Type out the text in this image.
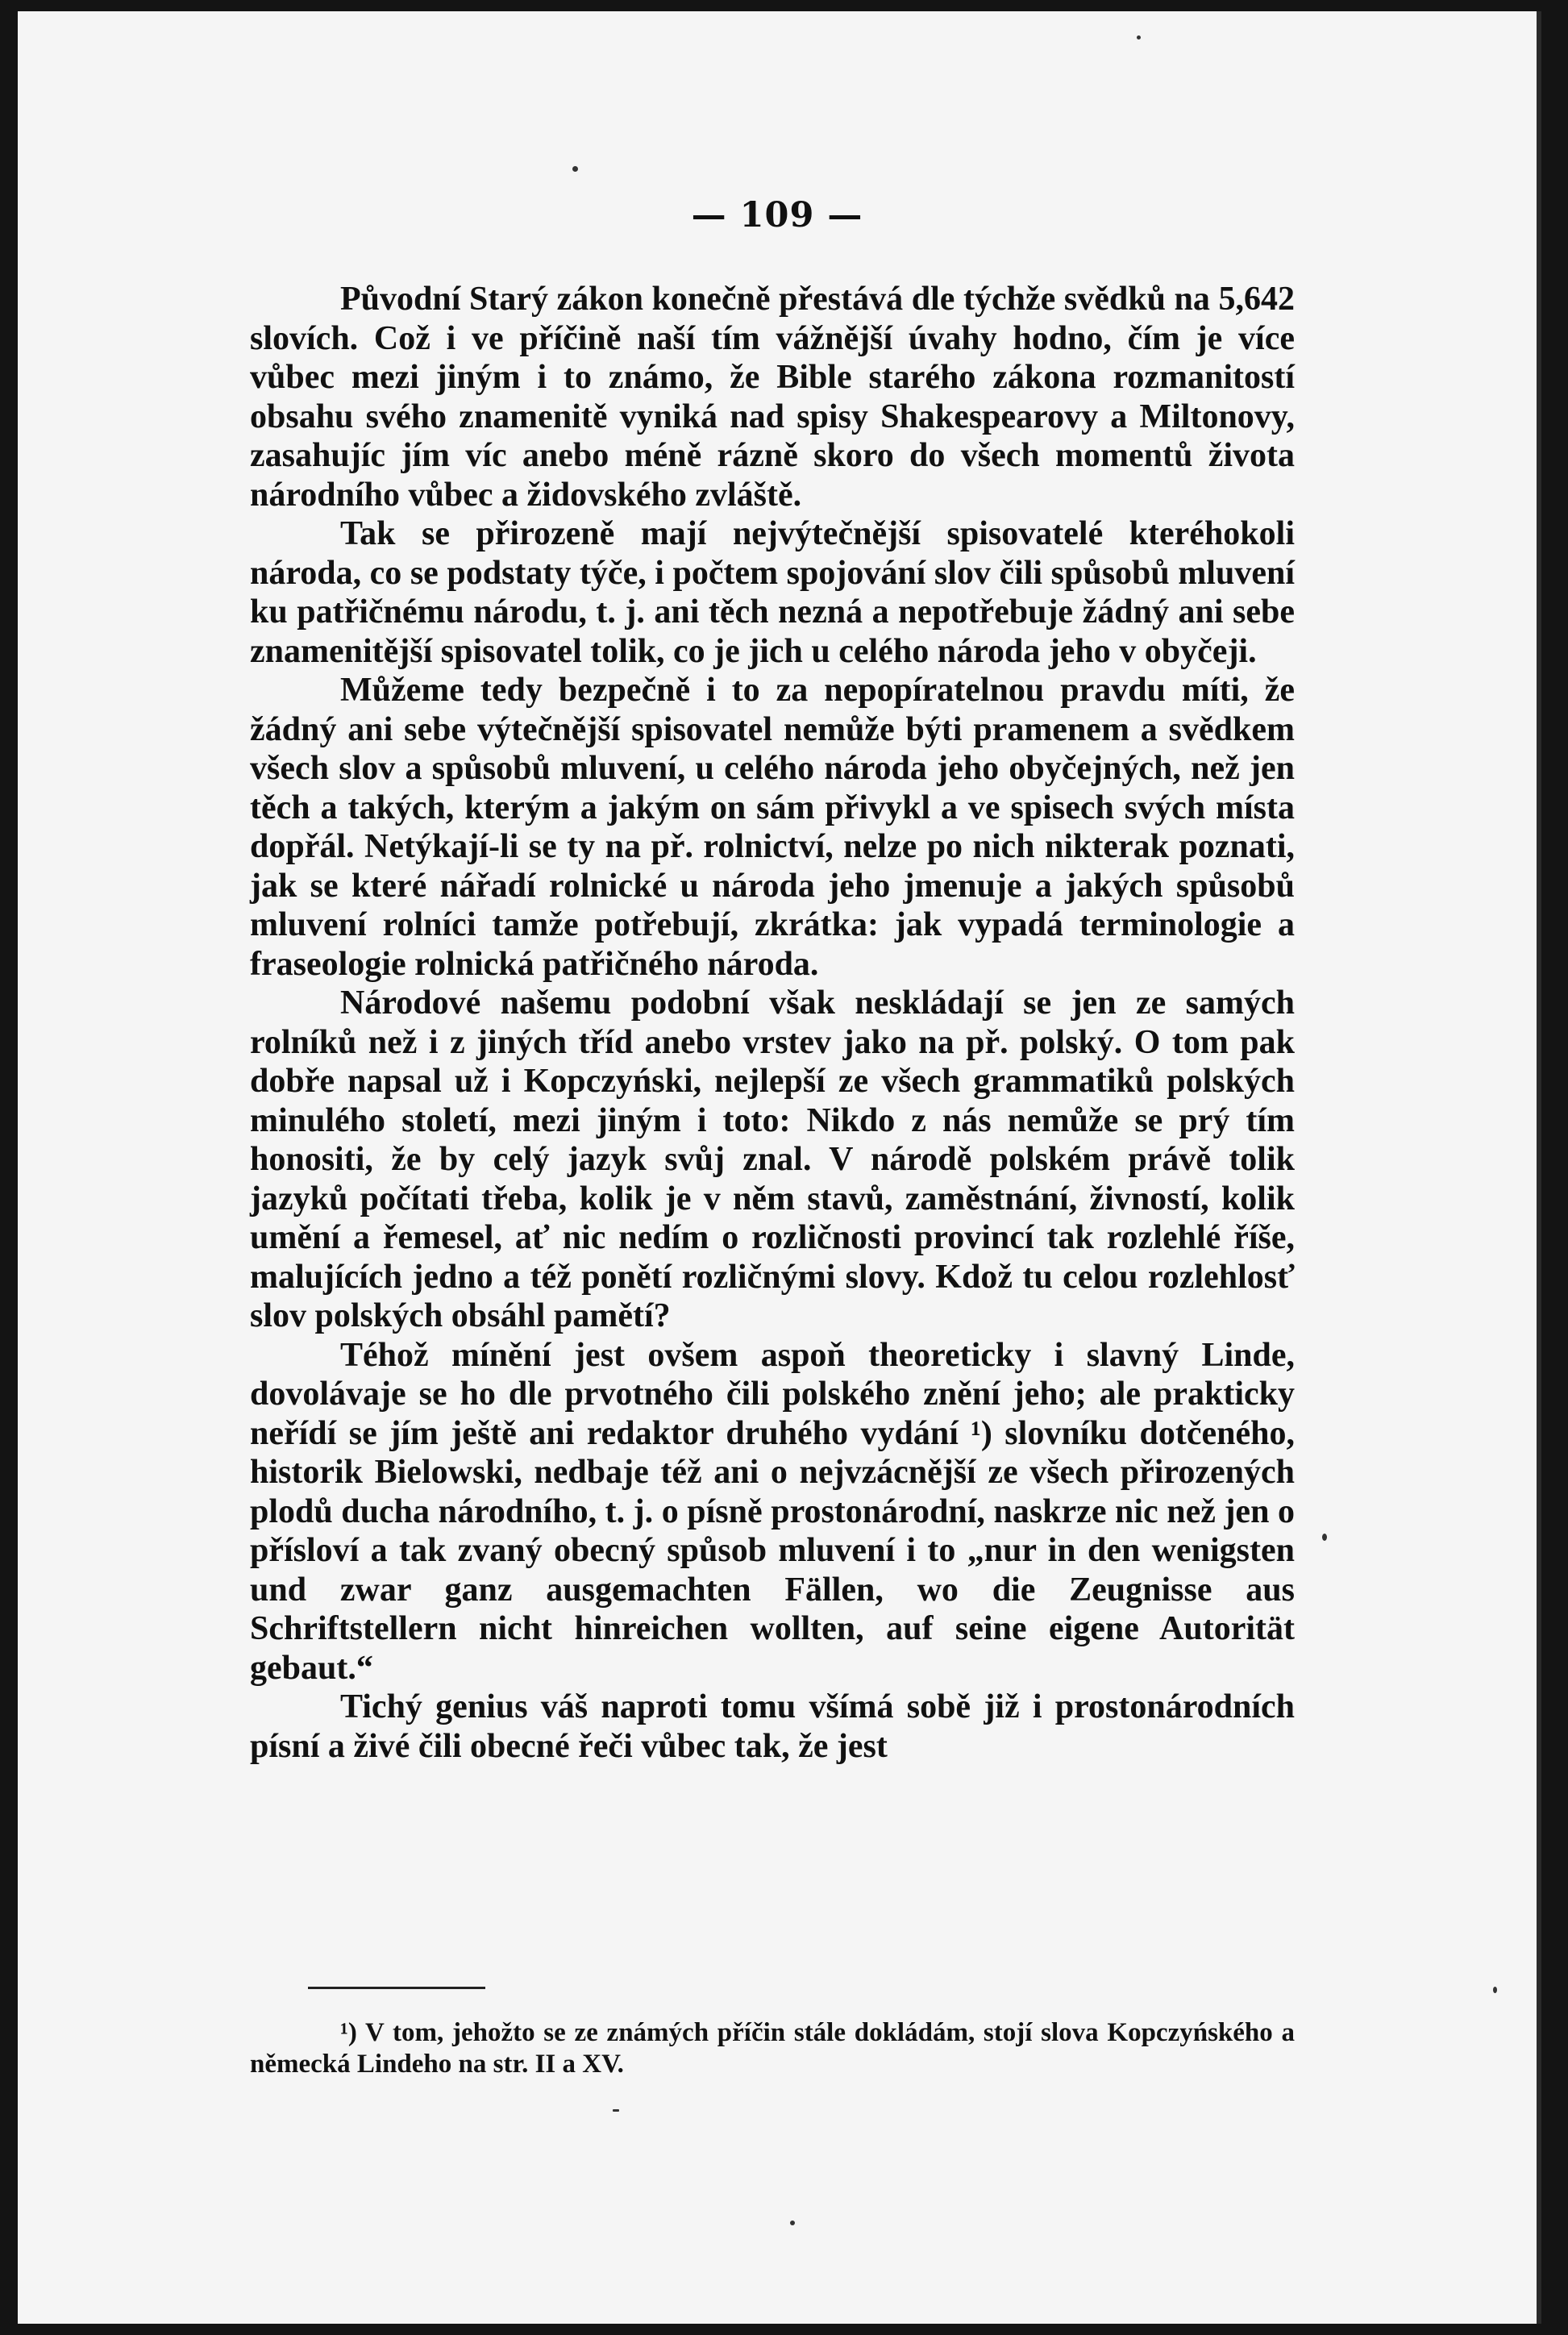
— 109 —

Původní Starý zákon konečně přestává dle týchže svědků na 5,642 slovích. Což i ve příčině naší tím vážnější úvahy hodno, čím je více vůbec mezi jiným i to známo, že Bible starého zákona rozmanitostí obsahu svého znamenitě vyniká nad spisy Shakespearovy a Miltonovy, zasahujíc jím víc anebo méně rázně skoro do všech momentů života národního vůbec a židovského zvláště.

Tak se přirozeně mají nejvýtečnější spisovatelé kteréhokoli národa, co se podstaty týče, i počtem spojování slov čili spůsobů mluvení ku patřičnému národu, t. j. ani těch nezná a nepotřebuje žádný ani sebe znamenitější spisovatel tolik, co je jich u celého národa jeho v obyčeji.

Můžeme tedy bezpečně i to za nepopíratelnou pravdu míti, že žádný ani sebe výtečnější spisovatel nemůže býti pramenem a svědkem všech slov a spůsobů mluvení, u celého národa jeho obyčejných, než jen těch a takých, kterým a jakým on sám přivykl a ve spisech svých místa dopřál. Netýkají-li se ty na př. rolnictví, nelze po nich nikterak poznati, jak se které nářadí rolnické u národa jeho jmenuje a jakých spůsobů mluvení rolníci tamže potřebují, zkrátka: jak vypadá terminologie a fraseologie rolnická patřičného národa.

Národové našemu podobní však neskládají se jen ze samých rolníků než i z jiných tříd anebo vrstev jako na př. polský. O tom pak dobře napsal už i Kopczyński, nejlepší ze všech grammatiků polských minulého století, mezi jiným i toto: Nikdo z nás nemůže se prý tím honositi, že by celý jazyk svůj znal. V národě polském právě tolik jazyků počítati třeba, kolik je v něm stavů, zaměstnání, živností, kolik umění a řemesel, ať nic nedím o rozličnosti provincí tak rozlehlé říše, malujících jedno a též ponětí rozličnými slovy. Kdož tu celou rozlehlosť slov polských obsáhl pamětí?

Téhož mínění jest ovšem aspoň theoreticky i slavný Linde, dovolávaje se ho dle prvotného čili polského znění jeho; ale prakticky neřídí se jím ještě ani redaktor druhého vydání ¹) slovníku dotčeného, historik Bielowski, nedbaje též ani o nejvzácnější ze všech přirozených plodů ducha národního, t. j. o písně prostonárodní, naskrze nic než jen o přísloví a tak zvaný obecný spůsob mluvení i to „nur in den wenigsten und zwar ganz ausgemachten Fällen, wo die Zeugnisse aus Schriftstellern nicht hinreichen wollten, auf seine eigene Autorität gebaut.“

Tichý genius váš naproti tomu všímá sobě již i prostonárodních písní a živé čili obecné řeči vůbec tak, že jest

¹) V tom, jehožto se ze známých příčin stále dokládám, stojí slova Kopczyńského a německá Lindeho na str. II a XV.
